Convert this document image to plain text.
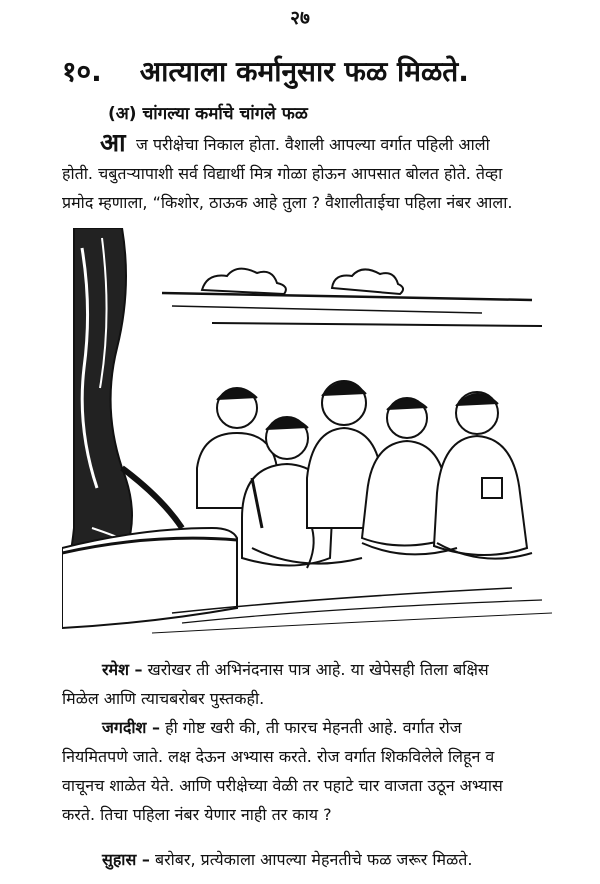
२७
१०. आत्याला कर्मानुसार फळ मिळते.
(अ) चांगल्या कर्माचे चांगले फळ
आ ज परीक्षेचा निकाल होता. वैशाली आपल्या वर्गात पहिली आली
होती. चबुतऱ्यापाशी सर्व विद्यार्थी मित्र गोळा होऊन आपसात बोलत होते. तेव्हा
प्रमोद म्हणाला, “किशोर, ठाऊक आहे तुला ? वैशालीताईचा पहिला नंबर आला.
रमेश – खरोखर ती अभिनंदनास पात्र आहे. या खेपेसही तिला बक्षिस
मिळेल आणि त्याचबरोबर पुस्तकही.
जगदीश – ही गोष्ट खरी की, ती फारच मेहनती आहे. वर्गात रोज
नियमितपणे जाते. लक्ष देऊन अभ्यास करते. रोज वर्गात शिकविलेले लिहून व
वाचूनच शाळेत येते. आणि परीक्षेच्या वेळी तर पहाटे चार वाजता उठून अभ्यास
करते. तिचा पहिला नंबर येणार नाही तर काय ?
सुहास – बरोबर, प्रत्येकाला आपल्या मेहनतीचे फळ जरूर मिळते.
